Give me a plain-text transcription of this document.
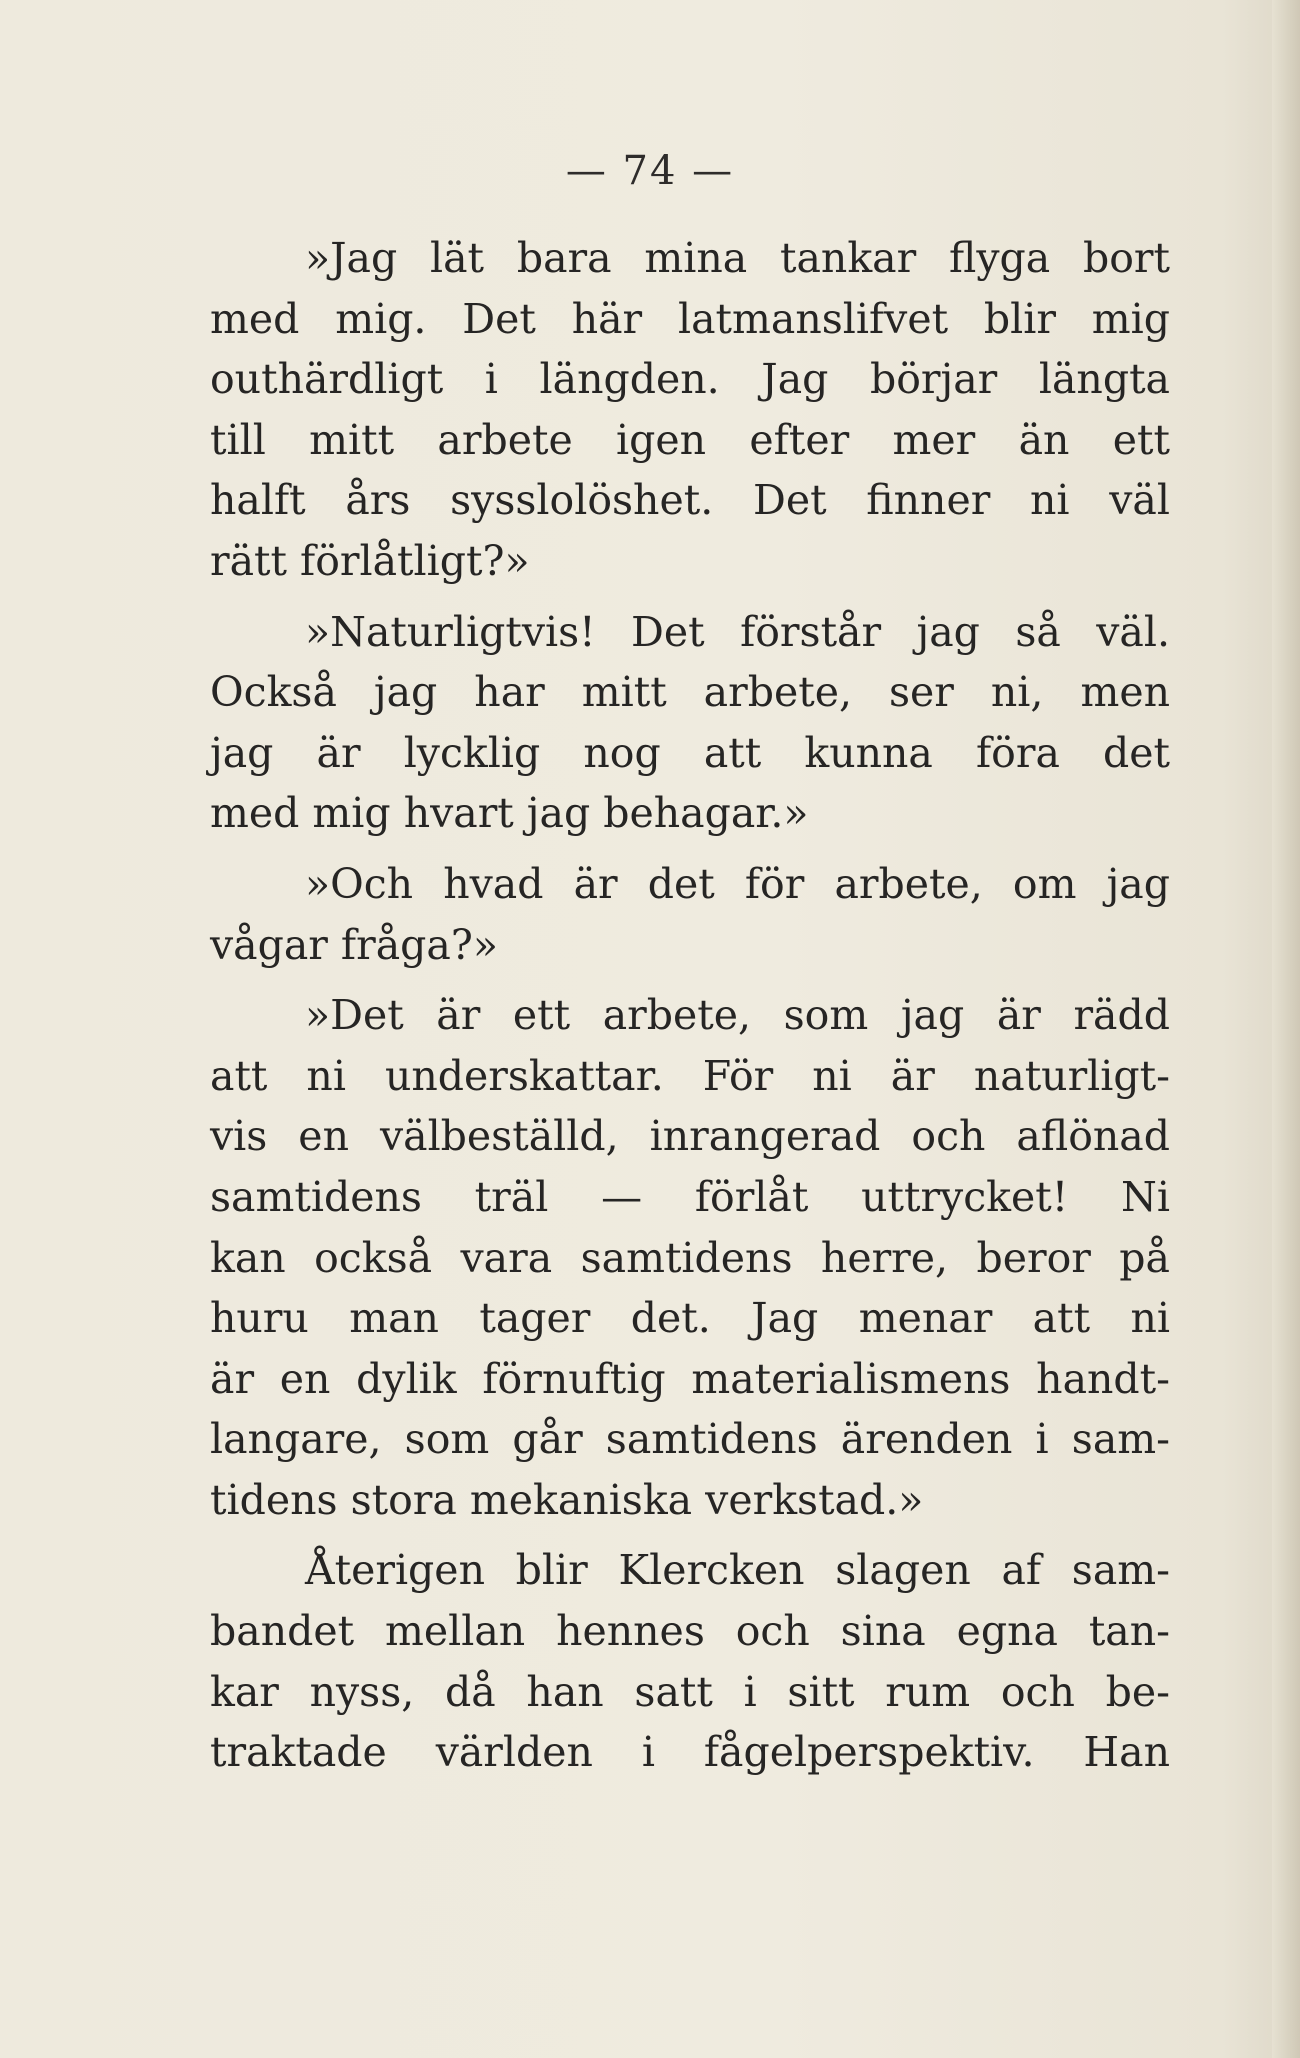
— 74 —
»Jag lät bara mina tankar flyga bort
med mig. Det här latmanslifvet blir mig
outhärdligt i längden. Jag börjar längta
till mitt arbete igen efter mer än ett
halft års sysslolöshet. Det finner ni väl
rätt förlåtligt?»
»Naturligtvis! Det förstår jag så väl.
Också jag har mitt arbete, ser ni, men
jag är lycklig nog att kunna föra det
med mig hvart jag behagar.»
»Och hvad är det för arbete, om jag
vågar fråga?»
»Det är ett arbete, som jag är rädd
att ni underskattar. För ni är naturligt-
vis en välbeställd, inrangerad och aflönad
samtidens träl — förlåt uttrycket! Ni
kan också vara samtidens herre, beror på
huru man tager det. Jag menar att ni
är en dylik förnuftig materialismens handt-
langare, som går samtidens ärenden i sam-
tidens stora mekaniska verkstad.»
Återigen blir Klercken slagen af sam-
bandet mellan hennes och sina egna tan-
kar nyss, då han satt i sitt rum och be-
traktade världen i fågelperspektiv. Han
